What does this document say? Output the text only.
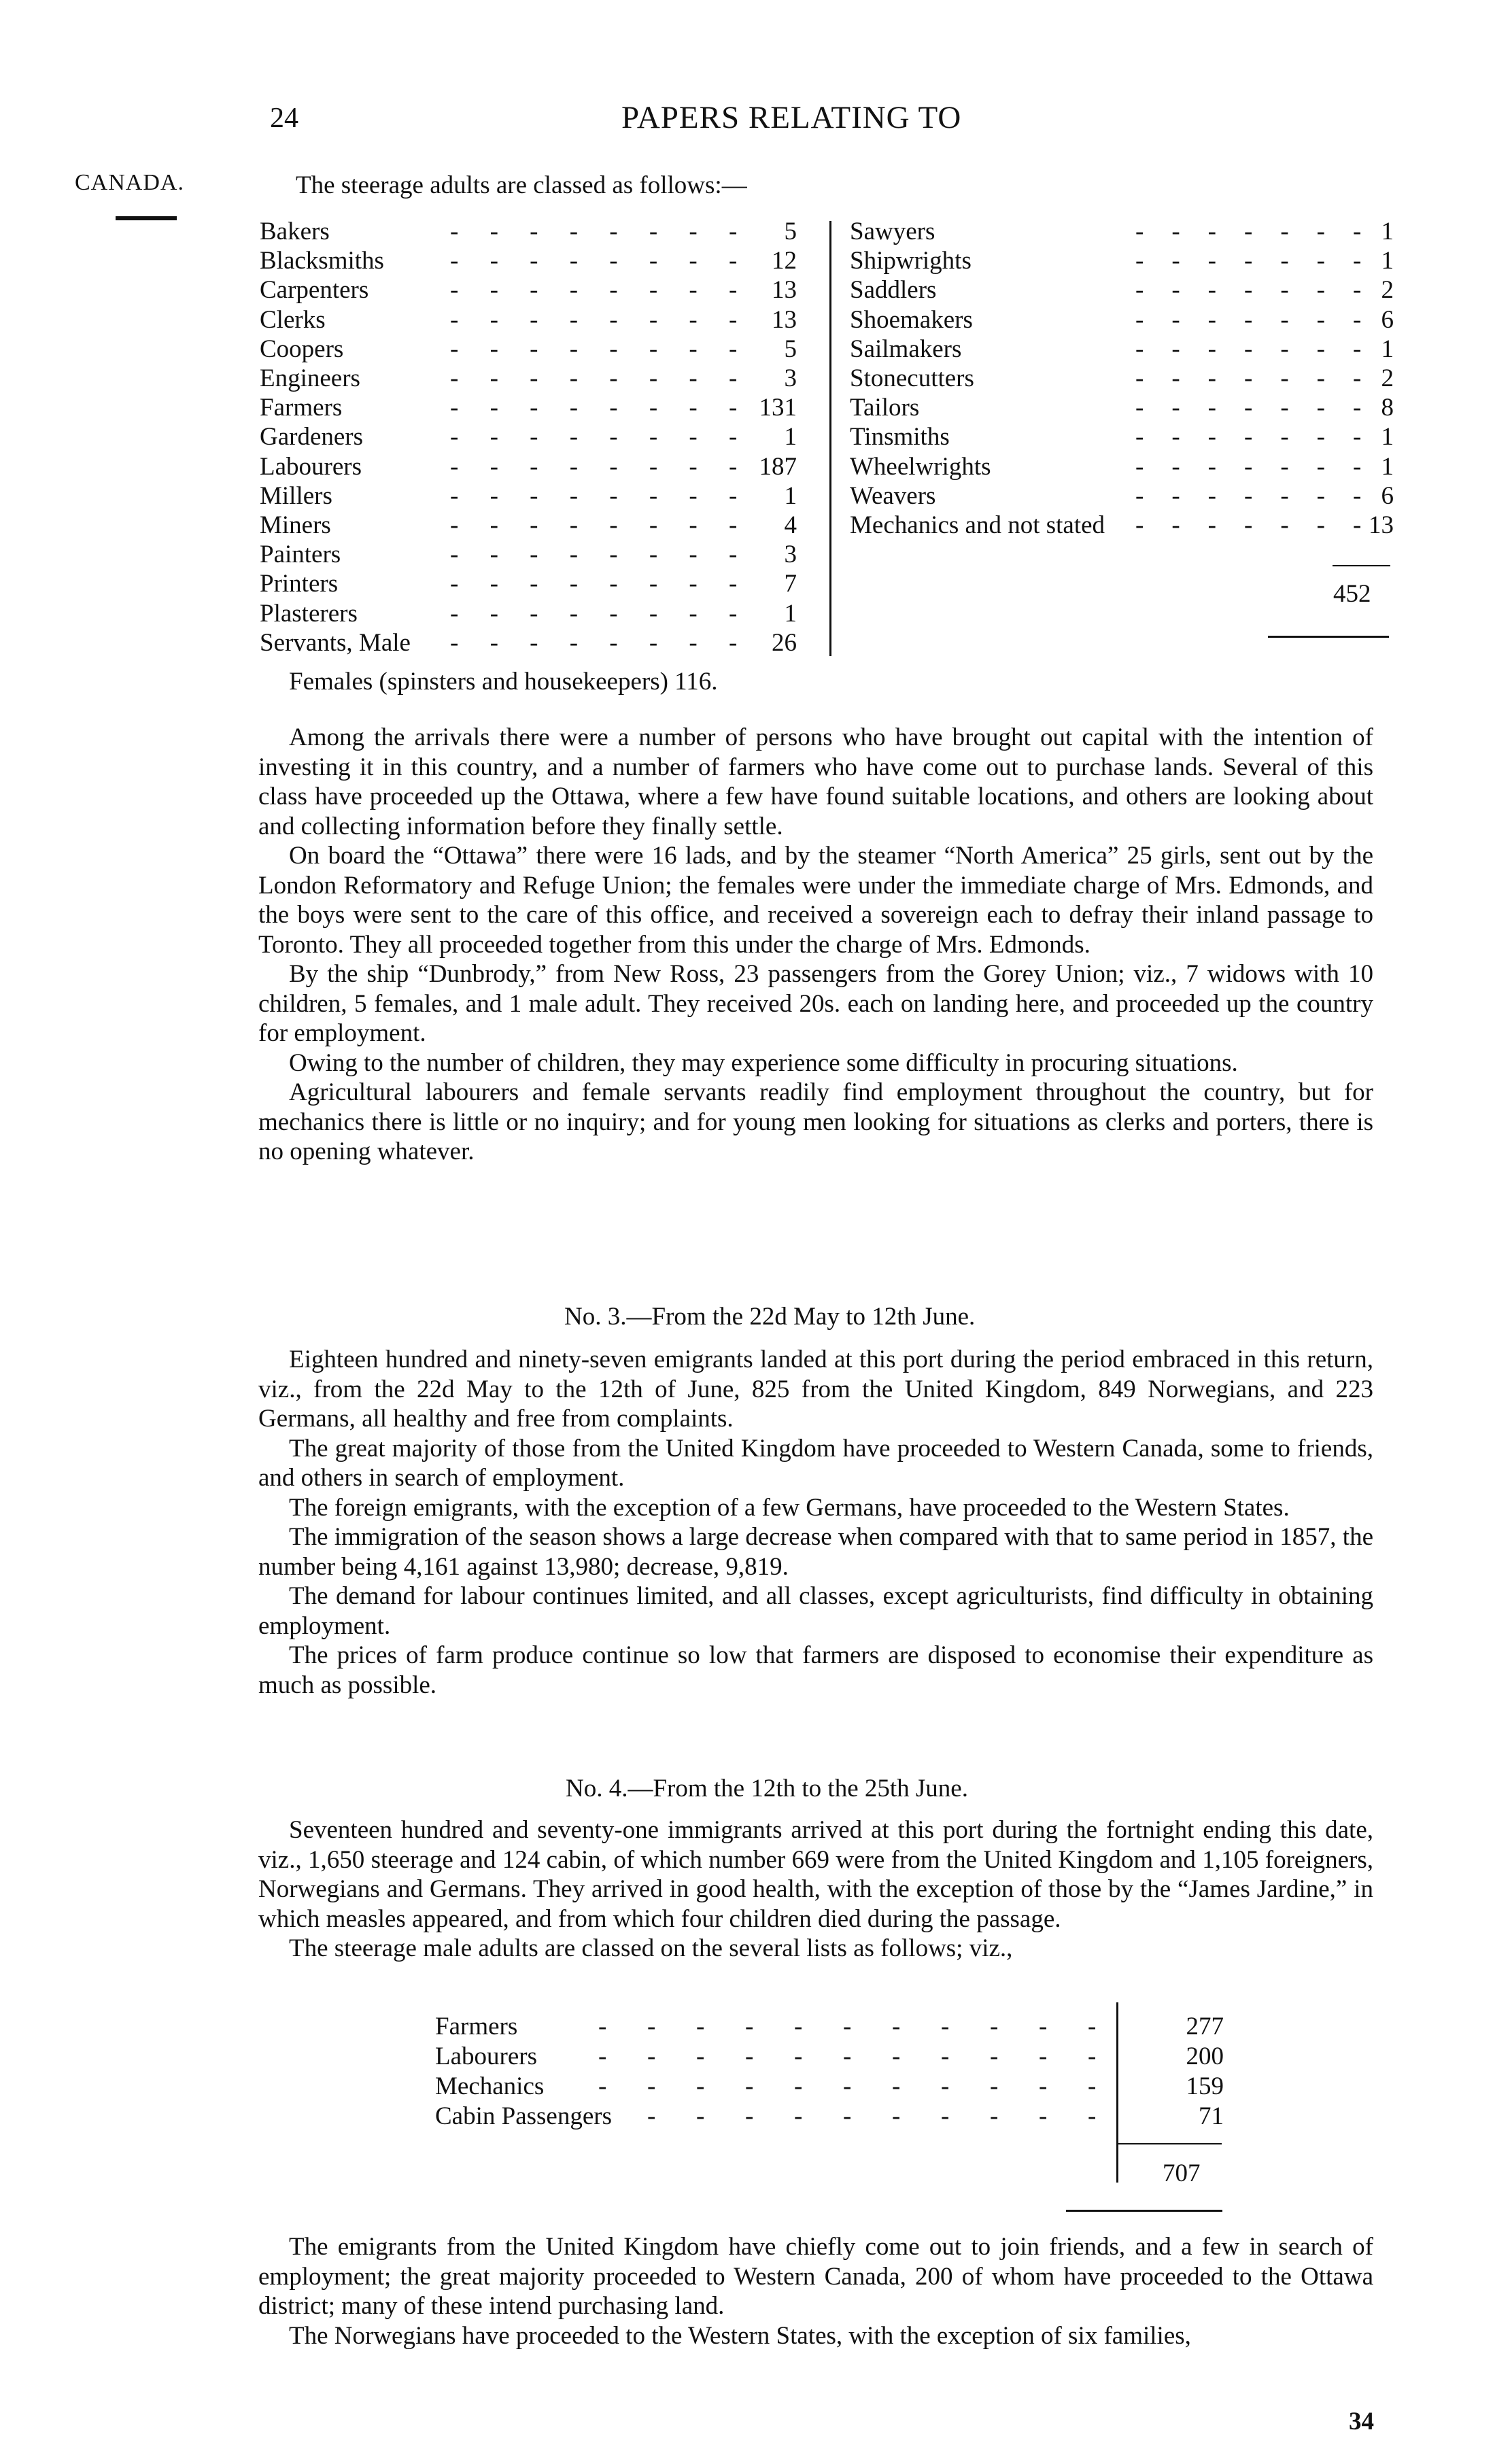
24	PAPERS RELATING TO
CANADA.	The steerage adults are classed as follows:—
Bakers	- - - - - - - - 5
Blacksmiths	- - - - - - - - 12
Carpenters	- - - - - - - - 13
Clerks	- - - - - - - - 13
Coopers	- - - - - - - - 5
Engineers	- - - - - - - - 3
Farmers	- - - - - - - - 131
Gardeners	- - - - - - - - 1
Labourers	- - - - - - - - 187
Millers	- - - - - - - - 1
Miners	- - - - - - - - 4
Painters	- - - - - - - - 3
Printers	- - - - - - - - 7
Plasterers	- - - - - - - - 1
Servants, Male - - - - - - - - 26
Sawyers	- - - - - - - 1
Shipwrights	- - - - - - - 1
Saddlers	- - - - - - - 2
Shoemakers	- - - - - - - 6
Sailmakers	- - - - - - - 1
Stonecutters	- - - - - - - 2
Tailors	- - - - - - - 8
Tinsmiths	- - - - - - - 1
Wheelwrights	- - - - - - - 1
Weavers	- - - - - - - 6
Mechanics and not stated - - - - - - - 13
452
Females (spinsters and housekeepers) 116.

Among the arrivals there were a number of persons who have brought out capital with the intention of investing it in this country, and a number of farmers who have come out to purchase lands. Several of this class have proceeded up the Ottawa, where a few have found suitable locations, and others are looking about and collecting information before they finally settle.

On board the “Ottawa” there were 16 lads, and by the steamer “North America” 25 girls, sent out by the London Reformatory and Refuge Union; the females were under the immediate charge of Mrs. Edmonds, and the boys were sent to the care of this office, and received a sovereign each to defray their inland passage to Toronto. They all proceeded together from this under the charge of Mrs. Edmonds.

By the ship “Dunbrody,” from New Ross, 23 passengers from the Gorey Union; viz., 7 widows with 10 children, 5 females, and 1 male adult. They received 20s. each on landing here, and proceeded up the country for employment.

Owing to the number of children, they may experience some difficulty in procuring situations.

Agricultural labourers and female servants readily find employment throughout the country, but for mechanics there is little or no inquiry; and for young men looking for situations as clerks and porters, there is no opening whatever.

No. 3.—From the 22d May to 12th June.

Eighteen hundred and ninety-seven emigrants landed at this port during the period embraced in this return, viz., from the 22d May to the 12th of June, 825 from the United Kingdom, 849 Norwegians, and 223 Germans, all healthy and free from complaints.

The great majority of those from the United Kingdom have proceeded to Western Canada, some to friends, and others in search of employment.

The foreign emigrants, with the exception of a few Germans, have proceeded to the Western States.

The immigration of the season shows a large decrease when compared with that to same period in 1857, the number being 4,161 against 13,980; decrease, 9,819.

The demand for labour continues limited, and all classes, except agriculturists, find difficulty in obtaining employment.

The prices of farm produce continue so low that farmers are disposed to economise their expenditure as much as possible.

No. 4.—From the 12th to the 25th June.

Seventeen hundred and seventy-one immigrants arrived at this port during the fortnight ending this date, viz., 1,650 steerage and 124 cabin, of which number 669 were from the United Kingdom and 1,105 foreigners, Norwegians and Germans. They arrived in good health, with the exception of those by the “James Jardine,” in which measles appeared, and from which four children died during the passage.

The steerage male adults are classed on the several lists as follows; viz.,

Farmers	- - - - - - - - - - -	277
Labourers - - - - - - - - - - -	200
Mechanics - - - - - - - - - - -	159
Cabin Passengers - - - - - - - - - -	71
707

The emigrants from the United Kingdom have chiefly come out to join friends, and a few in search of employment; the great majority proceeded to Western Canada, 200 of whom have proceeded to the Ottawa district; many of these intend purchasing land.

The Norwegians have proceeded to the Western States, with the exception of six families,

34
